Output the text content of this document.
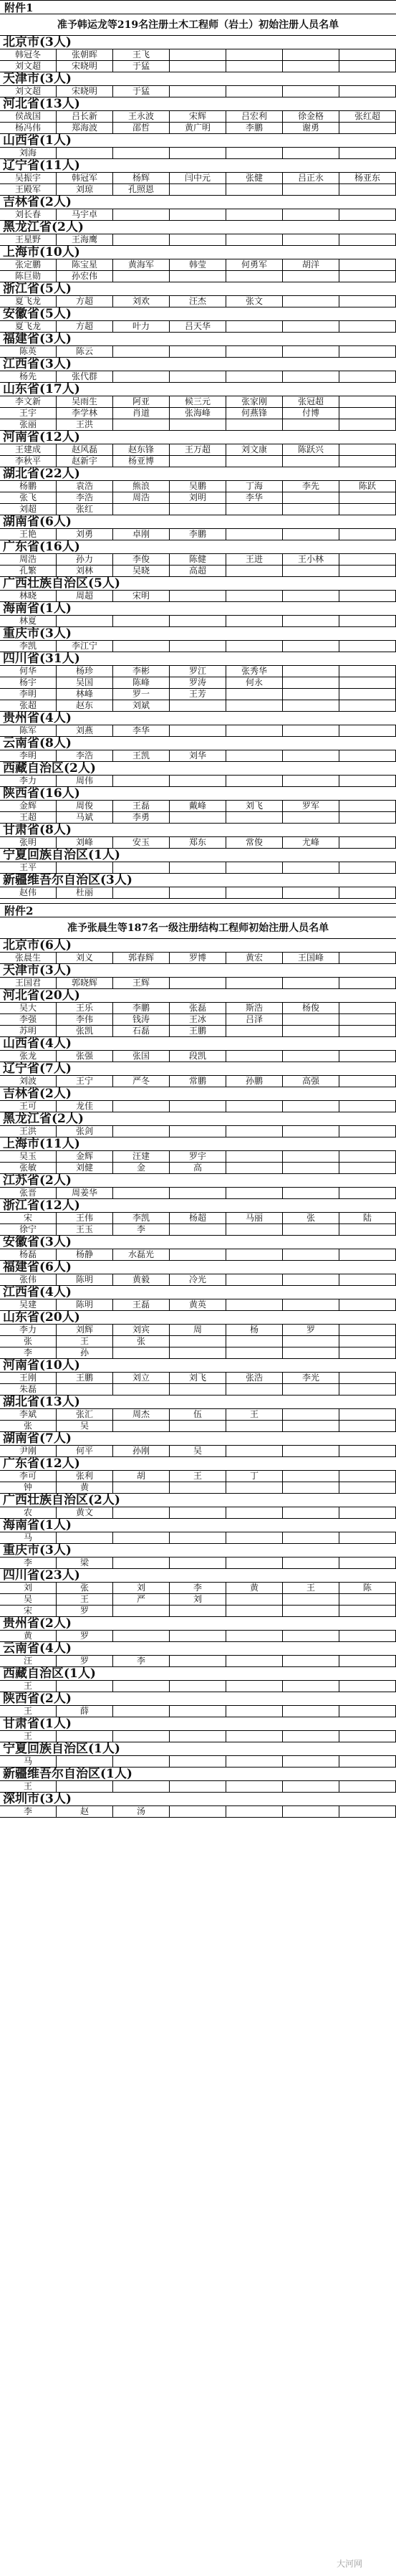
附件1
准予韩运龙等219名注册土木工程师（岩土）初始注册人员名单
北京市(3人)
韩冠冬	张朝晖	王飞
刘文超	宋晓明	于猛
天津市(3人)
刘文超	宋晓明	于猛
河北省(13人)
侯战国	吕长新	王永波	宋辉	吕宏利	徐金格	张红超
杨冯伟	郑海波	邵哲	黄广明	李鹏	谢勇
山西省(1人)
刘海
辽宁省(11人)
吴振宇	韩冠军	杨辉	闫中元	张健	吕正永	杨亚东
王殿军	刘琼	孔照恩
吉林省(2人)
刘长春	马宇卓
黑龙江省(2人)
王星野	王海鹰
上海市(10人)
张定鹏	陈宝星	黄海军	韩莹	何勇军	胡洋
陈巨勋	孙宏伟
浙江省(5人)
夏飞龙	方超	刘欢	汪杰	张文
安徽省(5人)
夏飞龙	方超	叶力	吕天华
福建省(3人)
陈英	陈云
江西省(3人)
杨先	张代群
山东省(17人)
李文新	吴雨生	阿亚	候三元	张家刚	张冠超
王宇	李学林	肖道	张海峰	何燕锋	付博
张丽	王洪
河南省(12人)
王建成	赵风磊	赵东锋	王万超	刘文康	陈跃兴
李秋平	赵新宇	杨亚博
湖北省(22人)
杨鹏	袁浩	熊浪	吴鹏	丁海	李先	陈跃
张飞	李浩	周浩	刘明	李华
刘超	张红
湖南省(6人)
王艳	刘勇	卓刚	李鹏
广东省(16人)
周浩	孙力	李俊	陈健	王进	王小林
孔繁	刘林	吴晓	高超
广西壮族自治区(5人)
林晓	周超	宋明
海南省(1人)
林夏
重庆市(3人)
李凯	李江宁
四川省(31人)
何华	杨珍	李彬	罗江	张秀华
杨宇	吴国	陈峰	罗涛	何永
李明	林峰	罗一	王芳
张超	赵东	刘斌
贵州省(4人)
陈军	刘燕	李华
云南省(8人)
李明	李浩	王凯	刘华
西藏自治区(2人)
李力	周伟
陕西省(16人)
金辉	周俊	王磊	戴峰	刘飞	罗军
王超	马斌	李勇
甘肃省(8人)
张明	刘峰	安玉	郑东	常俊	尤峰
宁夏回族自治区(1人)
王平
新疆维吾尔自治区(3人)
赵伟	杜丽
附件2
准予张晨生等187名一级注册结构工程师初始注册人员名单
北京市(6人)
张晨生	刘义	郭春辉	罗博	黄宏	王国峰
天津市(3人)
王国君	郭晓辉	王辉
河北省(20人)
吴大	王乐	李鹏	张磊	斯浩	杨俊
李强	李伟	钱涛	王冰	吕泽
苏明	张凯	石磊	王鹏
山西省(4人)
张龙	张强	张国	段凯
辽宁省(7人)
刘波	王宁	严冬	常鹏	孙鹏	高强
吉林省(2人)
王可	龙佳
黑龙江省(2人)
王洪	张剑
上海市(11人)
吴玉	金辉	汪建	罗宇
张敏	刘健	金	高
江苏省(2人)
张晋	周姜华
浙江省(12人)
宋	王伟	李凯	杨超	马丽	张	陆
徐宁	王玉	李
安徽省(3人)
杨磊	杨静	水磊光
福建省(6人)
张伟	陈明	黄毅	冷光
江西省(4人)
吴建	陈明	王磊	黄英
山东省(20人)
李力	刘辉	刘宾	周	杨	罗
张	王	张
李	孙
河南省(10人)
王刚	王鹏	刘立	刘飞	张浩	李光
朱磊
湖北省(13人)
李斌	张汇	周杰	伍	王
张	吴
湖南省(7人)
尹刚	何平	孙刚	吴
广东省(12人)
李可	张利	胡	王	丁
钟	黄
广西壮族自治区(2人)
农	黄文
海南省(1人)
马
重庆市(3人)
李	梁
四川省(23人)
刘	张	刘	李	黄	王	陈
吴	王	严	刘
宋	罗
贵州省(2人)
黄	罗
云南省(4人)
汪	罗	李
西藏自治区(1人)
王
陕西省(2人)
王	薛
甘肃省(1人)
王
宁夏回族自治区(1人)
马
新疆维吾尔自治区(1人)
王
深圳市(3人)
李	赵	汤
大河网
